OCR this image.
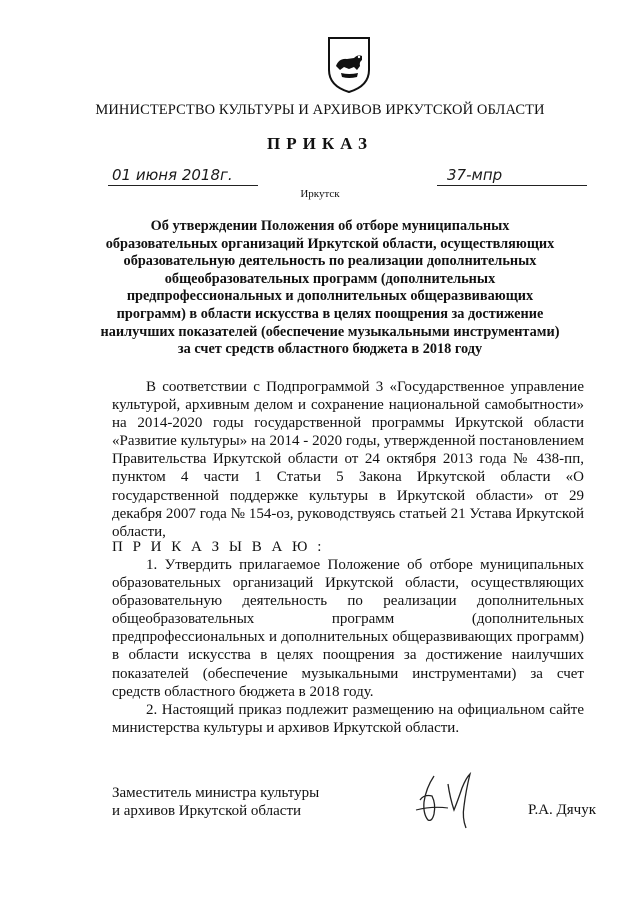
МИНИСТЕРСТВО КУЛЬТУРЫ И АРХИВОВ ИРКУТСКОЙ ОБЛАСТИ
ПРИКАЗ
01 июня 2018г.	37-мпр
Иркутск
Об утверждении Положения об отборе муниципальных образовательных организаций Иркутской области, осуществляющих образовательную деятельность по реализации дополнительных общеобразовательных программ (дополнительных предпрофессиональных и дополнительных общеразвивающих программ) в области искусства в целях поощрения за достижение наилучших показателей (обеспечение музыкальными инструментами) за счет средств областного бюджета в 2018 году
В соответствии с Подпрограммой 3 «Государственное управление культурой, архивным делом и сохранение национальной самобытности» на 2014-2020 годы государственной программы Иркутской области «Развитие культуры» на 2014 - 2020 годы, утвержденной постановлением Правительства Иркутской области от 24 октября 2013 года № 438-пп, пунктом 4 части 1 Статьи 5 Закона Иркутской области «О государственной поддержке культуры в Иркутской области» от 29 декабря 2007 года № 154-оз, руководствуясь статьей 21 Устава Иркутской области,
П Р И К А З Ы В А Ю :
1. Утвердить прилагаемое Положение об отборе муниципальных образовательных организаций Иркутской области, осуществляющих образовательную деятельность по реализации дополнительных общеобразовательных программ (дополнительных предпрофессиональных и дополнительных общеразвивающих программ) в области искусства в целях поощрения за достижение наилучших показателей (обеспечение музыкальными инструментами) за счет средств областного бюджета в 2018 году.
2. Настоящий приказ подлежит размещению на официальном сайте министерства культуры и архивов Иркутской области.
Заместитель министра культуры
и архивов Иркутской области	Р.А. Дячук
